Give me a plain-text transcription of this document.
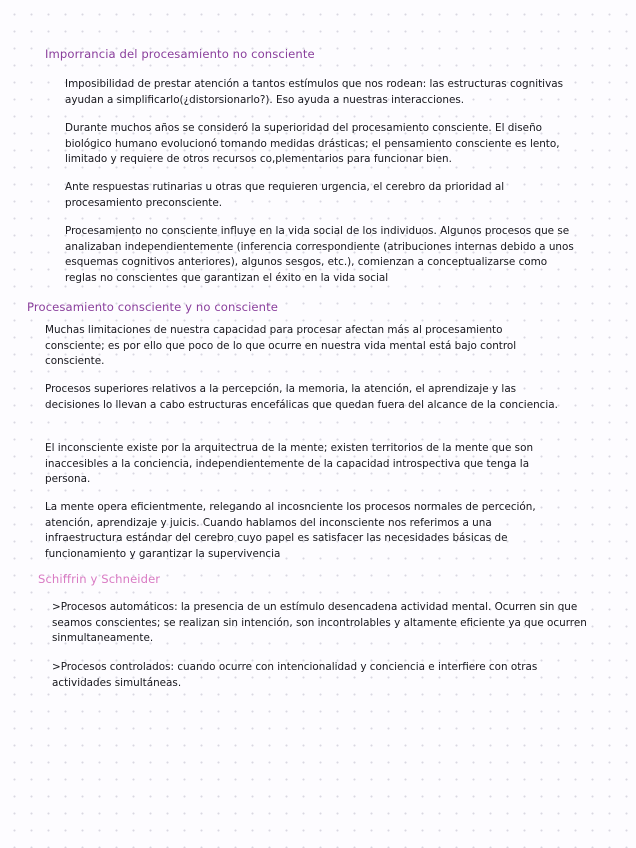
Imporrancia del procesamiento no consciente

Imposibilidad de prestar atención a tantos estímulos que nos rodean: las estructuras cognitivas ayudan a simplificarlo(¿distorsionarlo?). Eso ayuda a nuestras interacciones.

Durante muchos años se consideró la superioridad del procesamiento consciente. El diseño biológico humano evolucionó tomando medidas drásticas; el pensamiento consciente es lento, limitado y requiere de otros recursos co,plementarios para funcionar bien.

Ante respuestas rutinarias u otras que requieren urgencia, el cerebro da prioridad al procesamiento preconsciente.

Procesamiento no consciente influye en la vida social de los individuos. Algunos procesos que se analizaban independientemente (inferencia correspondiente (atribuciones internas debido a unos esquemas cognitivos anteriores), algunos sesgos, etc.), comienzan a conceptualizarse como reglas no conscientes que garantizan el éxito en la vida social

Procesamiento consciente y no consciente

Muchas limitaciones de nuestra capacidad para procesar afectan más al procesamiento consciente; es por ello que poco de lo que ocurre en nuestra vida mental está bajo control consciente.

Procesos superiores relativos a la percepción, la memoria, la atención, el aprendizaje y las decisiones lo llevan a cabo estructuras encefálicas que quedan fuera del alcance de la conciencia.

El inconsciente existe por la arquitectrua de la mente; existen territorios de la mente que son inaccesibles a la conciencia, independientemente de la capacidad introspectiva que tenga la persona.

La mente opera eficientmente, relegando al incosnciente los procesos normales de perceción, atención, aprendizaje y juicis. Cuando hablamos del inconsciente nos referimos a una infraestructura estándar del cerebro cuyo papel es satisfacer las necesidades básicas de funcionamiento y garantizar la supervivencia

Schiffrin y Schneider

>Procesos automáticos: la presencia de un estímulo desencadena actividad mental. Ocurren sin que seamos conscientes; se realizan sin intención, son incontrolables y altamente eficiente ya que ocurren sinmultaneamente.

>Procesos controlados: cuando ocurre con intencionalidad y conciencia e interfiere con otras actividades simultáneas.
